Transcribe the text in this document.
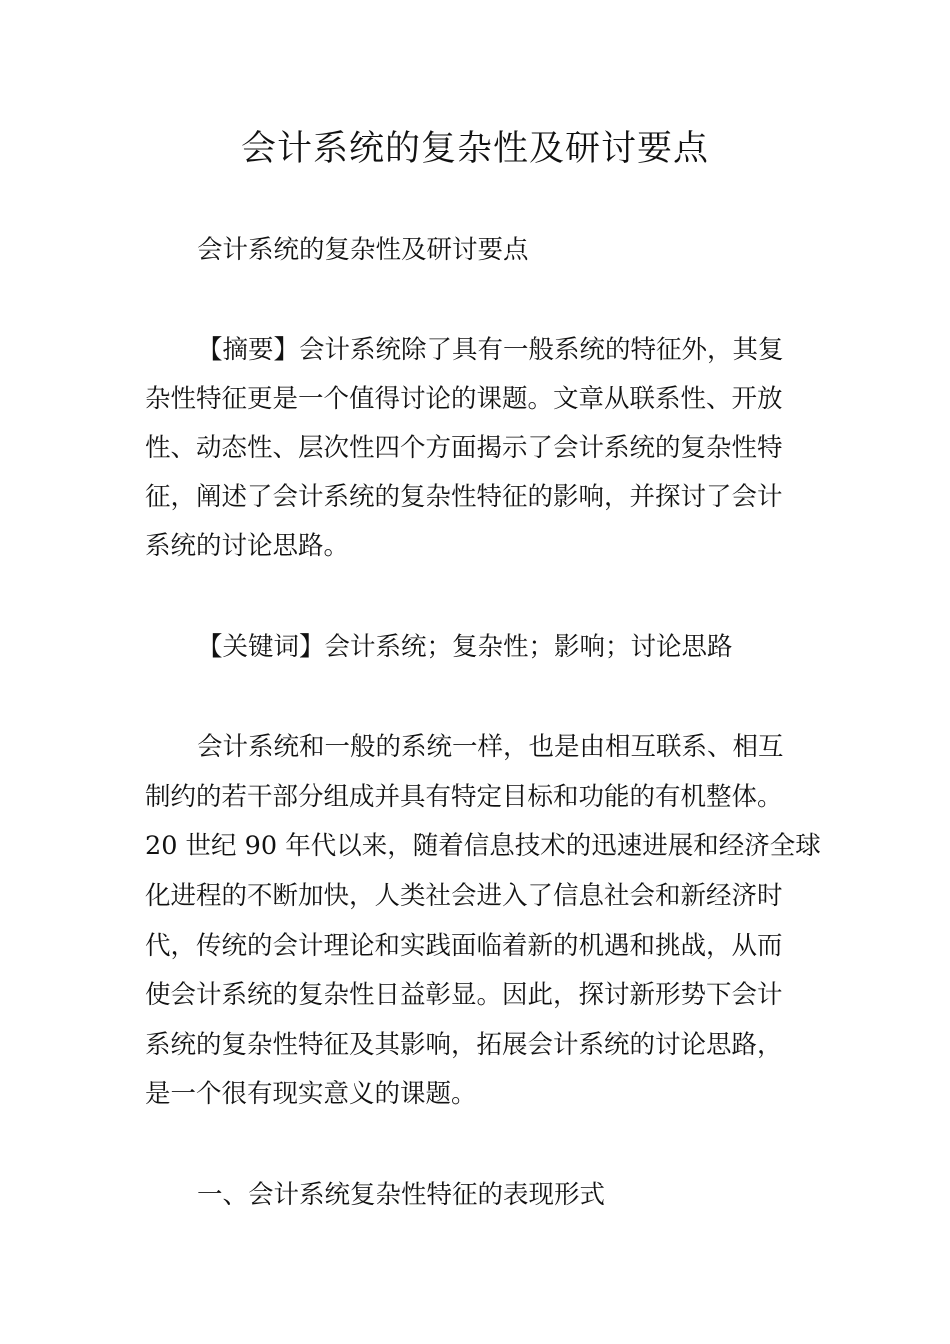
会计系统的复杂性及研讨要点

会计系统的复杂性及研讨要点

【摘要】会计系统除了具有一般系统的特征外，其复

杂性特征更是一个值得讨论的课题。文章从联系性、开放

性、动态性、层次性四个方面揭示了会计系统的复杂性特

征，阐述了会计系统的复杂性特征的影响，并探讨了会计

系统的讨论思路。

【关键词】会计系统；复杂性；影响；讨论思路

会计系统和一般的系统一样，也是由相互联系、相互

制约的若干部分组成并具有特定目标和功能的有机整体。

20 世纪 90 年代以来，随着信息技术的迅速进展和经济全球

化进程的不断加快，人类社会进入了信息社会和新经济时

代，传统的会计理论和实践面临着新的机遇和挑战，从而

使会计系统的复杂性日益彰显。因此，探讨新形势下会计

系统的复杂性特征及其影响，拓展会计系统的讨论思路，

是一个很有现实意义的课题。

一、会计系统复杂性特征的表现形式
